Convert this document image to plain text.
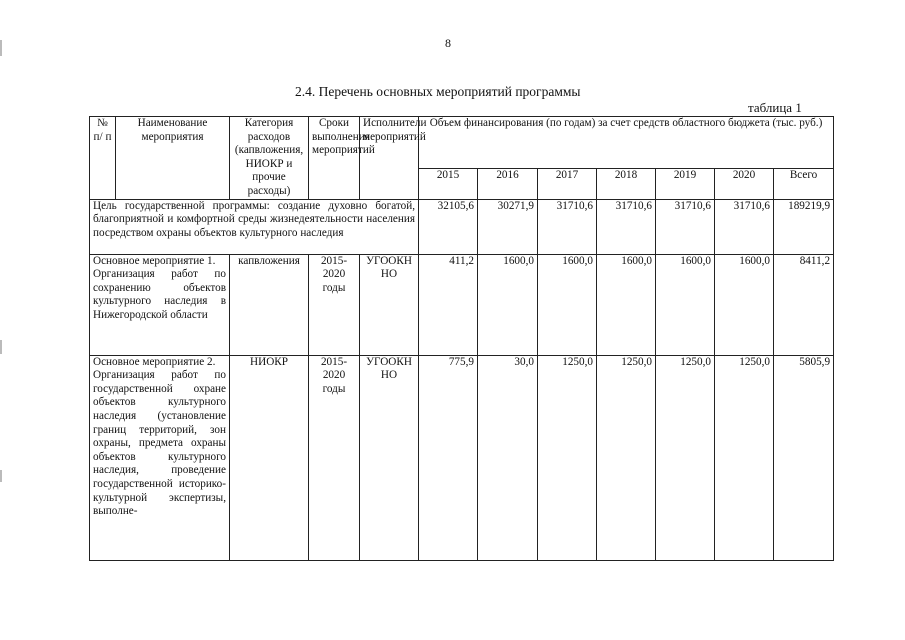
8
2.4. Перечень основных мероприятий программы
таблица 1
№ п/ п	Наименование мероприятия	Категория расходов (капвложения, НИОКР и прочие расходы)	Сроки выполнения мероприятий	Исполнители мероприятий	Объем финансирования (по годам) за счет средств областного бюджета (тыс. руб.)						
					2015	2016	2017	2018	2019	2020	Всего
Цель государственной программы: создание духовно богатой, благоприятной и комфортной среды жизнедеятельности населения посредством охраны объектов культурного наследия					32105,6	30271,9	31710,6	31710,6	31710,6	31710,6	189219,9

Основное мероприятие 1.
Организация работ по сохранению объектов культурного наследия в Нижегородской области		капвложения	2015-2020 годы	УГООКН НО	411,2	1600,0	1600,0	1600,0	1600,0	1600,0	8411,2

Основное мероприятие 2.
Организация работ по государственной охране объектов культурного наследия (установление границ территорий, зон охраны, предмета охраны объектов культурного наследия, проведение государственной историко-культурной экспертизы, выполне-		НИОКР	2015-2020 годы	УГООКН НО	775,9	30,0	1250,0	1250,0	1250,0	1250,0	5805,9
